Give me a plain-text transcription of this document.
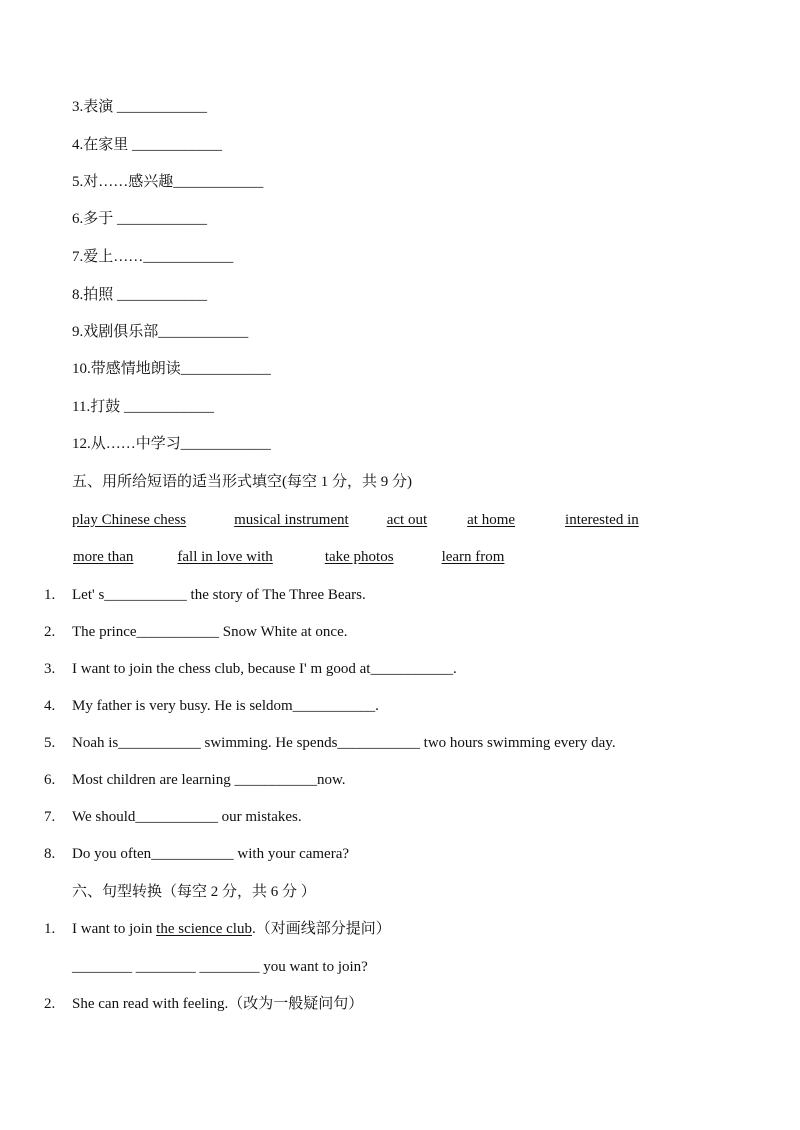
3.表演 ____________
4.在家里 ____________
5.对……感兴趣____________
6.多于 ____________
7.爱上……____________
8.拍照 ____________
9.戏剧俱乐部____________
10.带感情地朗读____________
11.打鼓 ____________
12.从……中学习____________
五、用所给短语的适当形式填空(每空 1 分，共 9 分)
play Chinese chess	musical instrument	act out	at home	interested in
more than	fall in love with	take photos	learn from
1. Let' s___________ the story of The Three Bears.
2. The prince___________ Snow White at once.
3. I want to join the chess club, because I' m good at___________.
4. My father is very busy. He is seldom___________.
5. Noah is___________ swimming. He spends___________ two hours swimming every day.
6. Most children are learning ___________now.
7. We should___________ our mistakes.
8. Do you often___________ with your camera?
六、句型转换（每空 2 分，共 6 分 ）
1. I want to join the science club.（对画线部分提问）
________ ________ ________ you want to join?
2. She can read with feeling.（改为一般疑问句）
